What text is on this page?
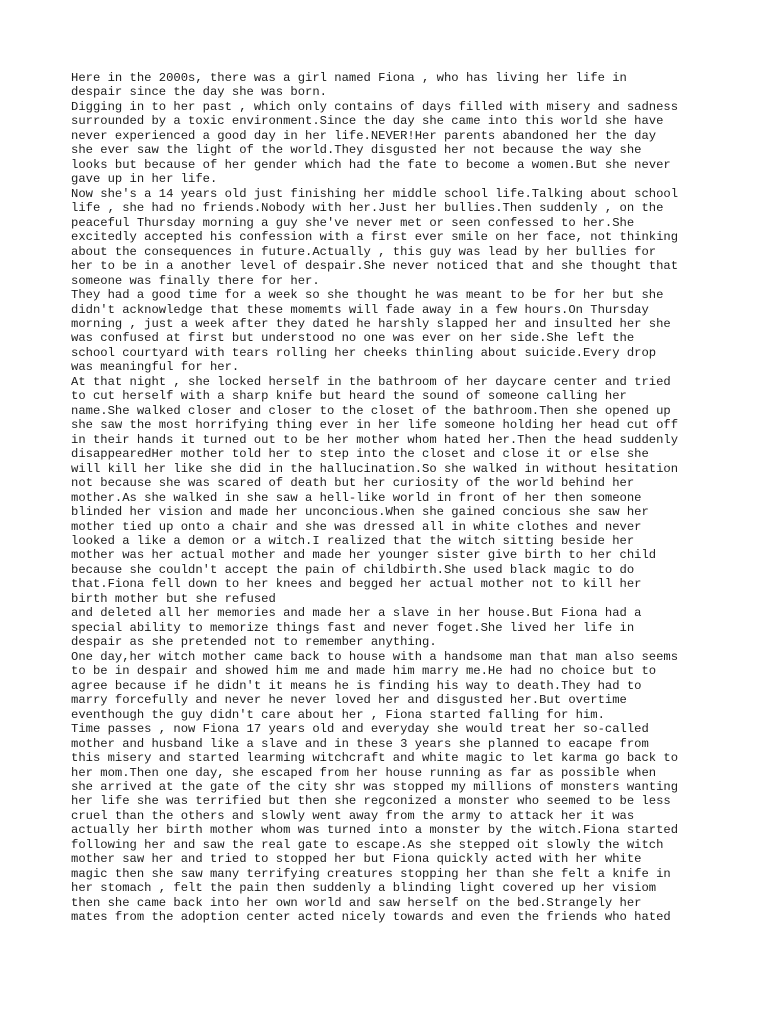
Here in the 2000s, there was a girl named Fiona , who has living her life in
despair since the day she was born.
Digging in to her past , which only contains of days filled with misery and sadness
surrounded by a toxic environment.Since the day she came into this world she have
never experienced a good day in her life.NEVER!Her parents abandoned her the day
she ever saw the light of the world.They disgusted her not because the way she
looks but because of her gender which had the fate to become a women.But she never
gave up in her life.
Now she's a 14 years old just finishing her middle school life.Talking about school
life , she had no friends.Nobody with her.Just her bullies.Then suddenly , on the
peaceful Thursday morning a guy she've never met or seen confessed to her.She
excitedly accepted his confession with a first ever smile on her face, not thinking
about the consequences in future.Actually , this guy was lead by her bullies for
her to be in a another level of despair.She never noticed that and she thought that
someone was finally there for her.
They had a good time for a week so she thought he was meant to be for her but she
didn't acknowledge that these momemts will fade away in a few hours.On Thursday
morning , just a week after they dated he harshly slapped her and insulted her she
was confused at first but understood no one was ever on her side.She left the
school courtyard with tears rolling her cheeks thinling about suicide.Every drop
was meaningful for her.
At that night , she locked herself in the bathroom of her daycare center and tried
to cut herself with a sharp knife but heard the sound of someone calling her
name.She walked closer and closer to the closet of the bathroom.Then she opened up
she saw the most horrifying thing ever in her life someone holding her head cut off
in their hands it turned out to be her mother whom hated her.Then the head suddenly
disappearedHer mother told her to step into the closet and close it or else she
will kill her like she did in the hallucination.So she walked in without hesitation
not because she was scared of death but her curiosity of the world behind her
mother.As she walked in she saw a hell-like world in front of her then someone
blinded her vision and made her unconcious.When she gained concious she saw her
mother tied up onto a chair and she was dressed all in white clothes and never
looked a like a demon or a witch.I realized that the witch sitting beside her
mother was her actual mother and made her younger sister give birth to her child
because she couldn't accept the pain of childbirth.She used black magic to do
that.Fiona fell down to her knees and begged her actual mother not to kill her
birth mother but she refused
and deleted all her memories and made her a slave in her house.But Fiona had a
special ability to memorize things fast and never foget.She lived her life in
despair as she pretended not to remember anything.
One day,her witch mother came back to house with a handsome man that man also seems
to be in despair and showed him me and made him marry me.He had no choice but to
agree because if he didn't it means he is finding his way to death.They had to
marry forcefully and never he never loved her and disgusted her.But overtime
eventhough the guy didn't care about her , Fiona started falling for him.
Time passes , now Fiona 17 years old and everyday she would treat her so-called
mother and husband like a slave and in these 3 years she planned to eacape from
this misery and started learming witchcraft and white magic to let karma go back to
her mom.Then one day, she escaped from her house running as far as possible when
she arrived at the gate of the city shr was stopped my millions of monsters wanting
her life she was terrified but then she regconized a monster who seemed to be less
cruel than the others and slowly went away from the army to attack her it was
actually her birth mother whom was turned into a monster by the witch.Fiona started
following her and saw the real gate to escape.As she stepped oit slowly the witch
mother saw her and tried to stopped her but Fiona quickly acted with her white
magic then she saw many terrifying creatures stopping her than she felt a knife in
her stomach , felt the pain then suddenly a blinding light covered up her visiom
then she came back into her own world and saw herself on the bed.Strangely her
mates from the adoption center acted nicely towards and even the friends who hated
